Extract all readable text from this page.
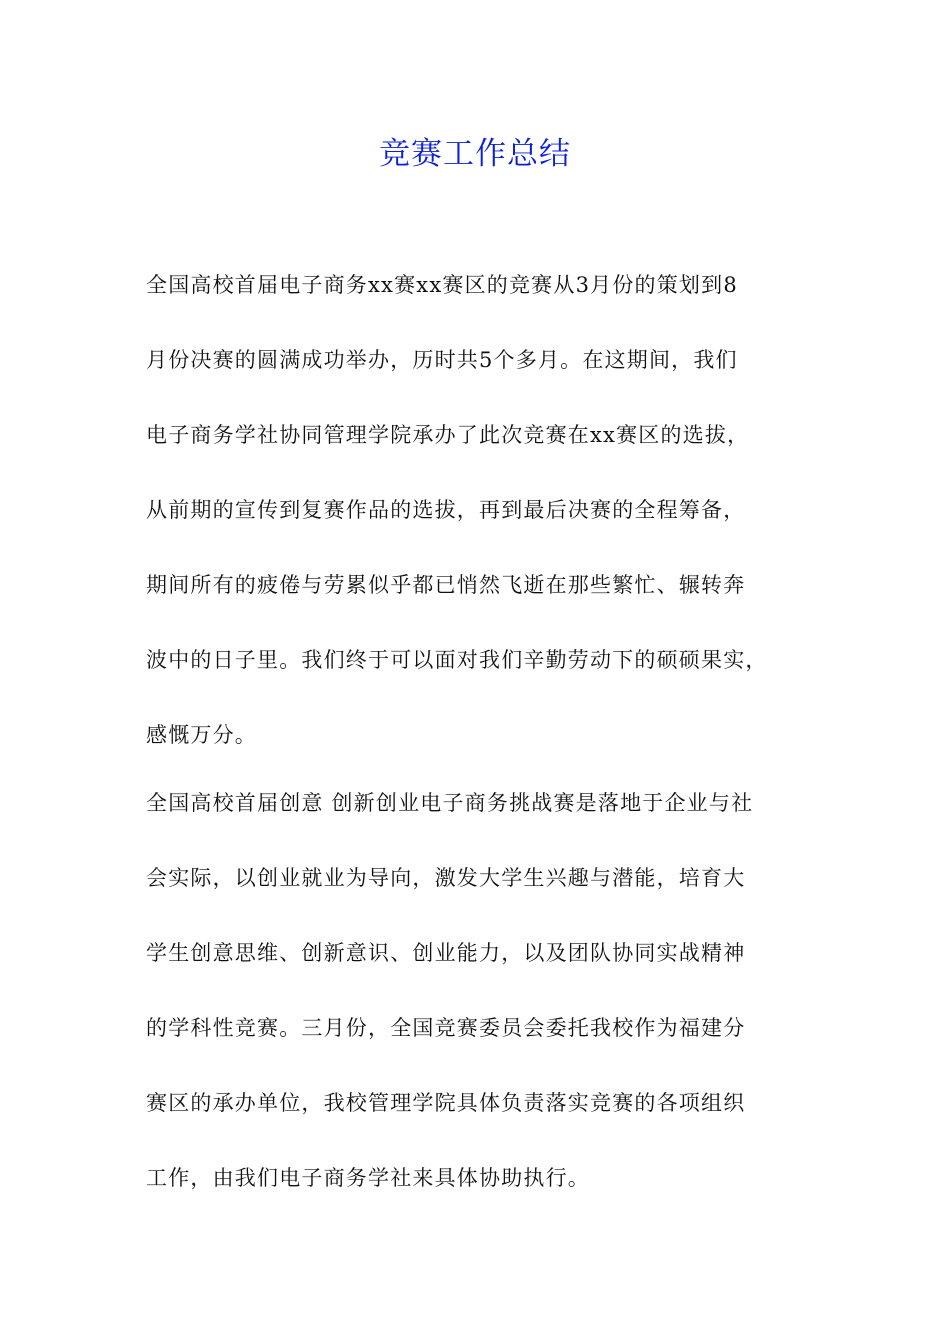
竞赛工作总结
全国高校首届电子商务xx赛xx赛区的竞赛从3月份的策划到8
月份决赛的圆满成功举办，历时共5个多月。在这期间，我们
电子商务学社协同管理学院承办了此次竞赛在xx赛区的选拔，
从前期的宣传到复赛作品的选拔，再到最后决赛的全程筹备，
期间所有的疲倦与劳累似乎都已悄然飞逝在那些繁忙、辗转奔
波中的日子里。我们终于可以面对我们辛勤劳动下的硕硕果实，
感慨万分。
全国高校首届创意 创新创业电子商务挑战赛是落地于企业与社
会实际，以创业就业为导向，激发大学生兴趣与潜能，培育大
学生创意思维、创新意识、创业能力，以及团队协同实战精神
的学科性竞赛。三月份，全国竞赛委员会委托我校作为福建分
赛区的承办单位，我校管理学院具体负责落实竞赛的各项组织
工作，由我们电子商务学社来具体协助执行。
